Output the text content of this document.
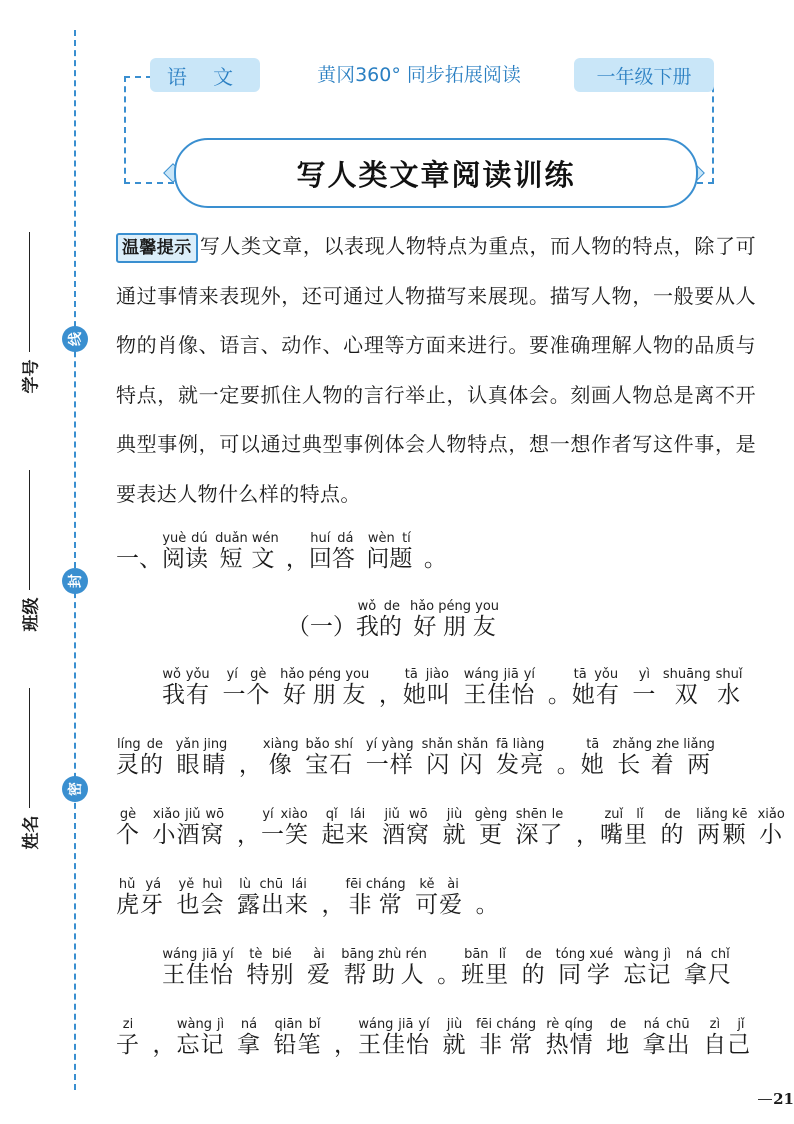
线
封
密
学号
班级
姓名
语 文	黄冈360° 同步拓展阅读	一年级下册
写人类文章阅读训练
温馨提示 写人类文章，以表现人物特点为重点，而人物的特点，除了可通过事情来表现外，还可通过人物描写来展现。描写人物，一般要从人物的肖像、语言、动作、心理等方面来进行。要准确理解人物的品质与特点，就一定要抓住人物的言行举止，认真体会。刻画人物总是离不开典型事例，可以通过典型事例体会人物特点，想一想作者写这件事，是要表达人物什么样的特点。
一、阅读yuè dú 短文duǎn wén ， 回答huí dá 问题wèn tí 。
（一）我的wǒ de 好朋友hǎo péng you 
我有wǒ yǒu 一个yí gè 好朋友hǎo péng you ， 她叫tā jiào 王佳怡wáng jiā yí 。 她有tā yǒu 一yì 双shuāng 水shuǐ 
灵的líng de 眼睛yǎn jing ， 像xiàng 宝石bǎo shí 一样yí yàng 闪闪shǎn shǎn 发亮fā liàng 。 她tā 长着zhǎng zhe 两liǎng 
个gè 小酒窝xiǎo jiǔ wō ， 一笑yí xiào 起来qǐ lái 酒窝jiǔ wō 就jiù 更gèng 深了shēn le ， 嘴里zuǐ lǐ 的de 两颗liǎng kē 小xiǎo 
虎牙hǔ yá 也会yě huì 露出来lù chū lái ， 非常fēi cháng 可爱kě ài 。
王佳怡wáng jiā yí 特别tè bié 爱ài 帮助人bāng zhù rén 。 班里bān lǐ 的de 同学tóng xué 忘记wàng jì 拿尺ná chǐ 
子zi ， 忘记wàng jì 拿ná 铅笔qiān bǐ ， 王佳怡wáng jiā yí 就jiù 非常fēi cháng 热情rè qíng 地de 拿出ná chū 自己zì jǐ 
21
